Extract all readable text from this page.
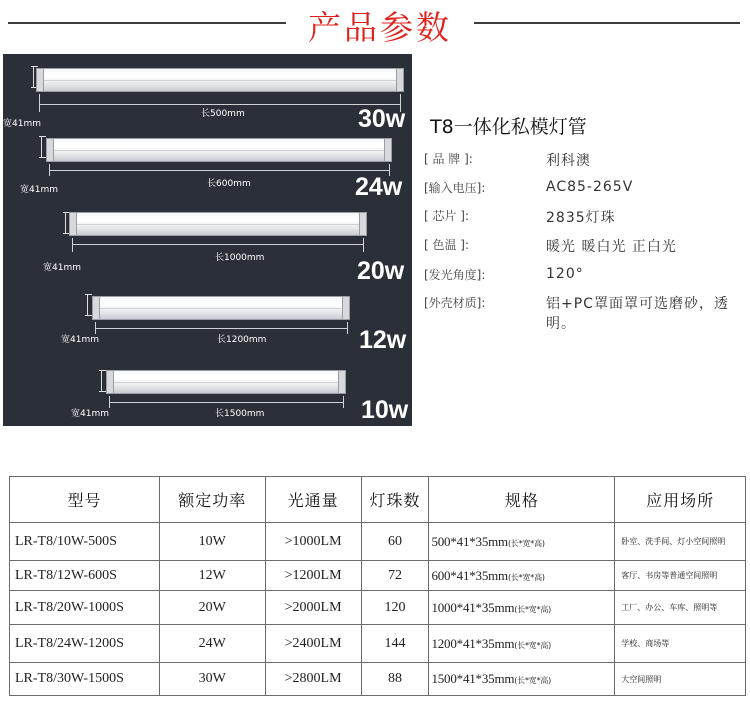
产品参数
宽41mm
长500mm	30w
宽41mm
长600mm	24w
宽41mm
长1000mm	20w
宽41mm	长1200mm	12w
宽41mm	长1500mm	10w
T8一体化私模灯管
[ 品 牌 ]:	利科澳
[输入电压]:	AC85-265V
[ 芯片 ]:	2835灯珠
[ 色温 ]:	暖光 暖白光 正白光
[发光角度]:	120°
[外壳材质]:	铝+PC罩面罩可选磨砂，透明。
型号	额定功率	光通量	灯珠数	规格	应用场所
LR-T8/10W-500S	10W	>1000LM	60	500*41*35mm(长*宽*高)	卧室、洗手间、灯小空间照明
LR-T8/12W-600S	12W	>1200LM	72	600*41*35mm(长*宽*高)	客厅、书房等普通空间照明
LR-T8/20W-1000S	20W	>2000LM	120	1000*41*35mm(长*宽*高)	工厂、办公、车库、照明等
LR-T8/24W-1200S	24W	>2400LM	144	1200*41*35mm(长*宽*高)	学校、商场等
LR-T8/30W-1500S	30W	>2800LM	88	1500*41*35mm(长*宽*高)	大空间照明
